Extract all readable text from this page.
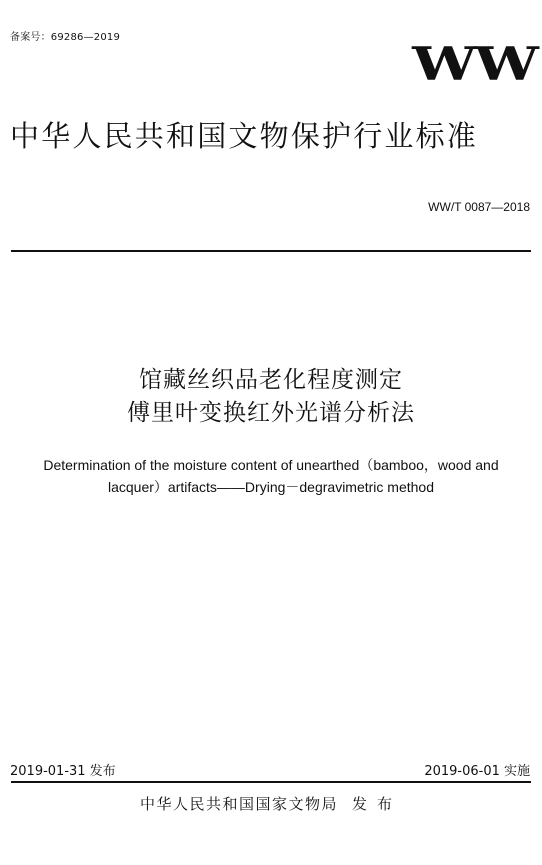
备案号：69286—2019	WW
中华人民共和国文物保护行业标准
WW/T 0087—2018
馆藏丝织品老化程度测定
傅里叶变换红外光谱分析法
Determination of the moisture content of unearthed（bamboo，wood and
lacquer）artifacts——Drying－degravimetric method
2019-01-31 发布	2019-06-01 实施
中华人民共和国国家文物局 发布
